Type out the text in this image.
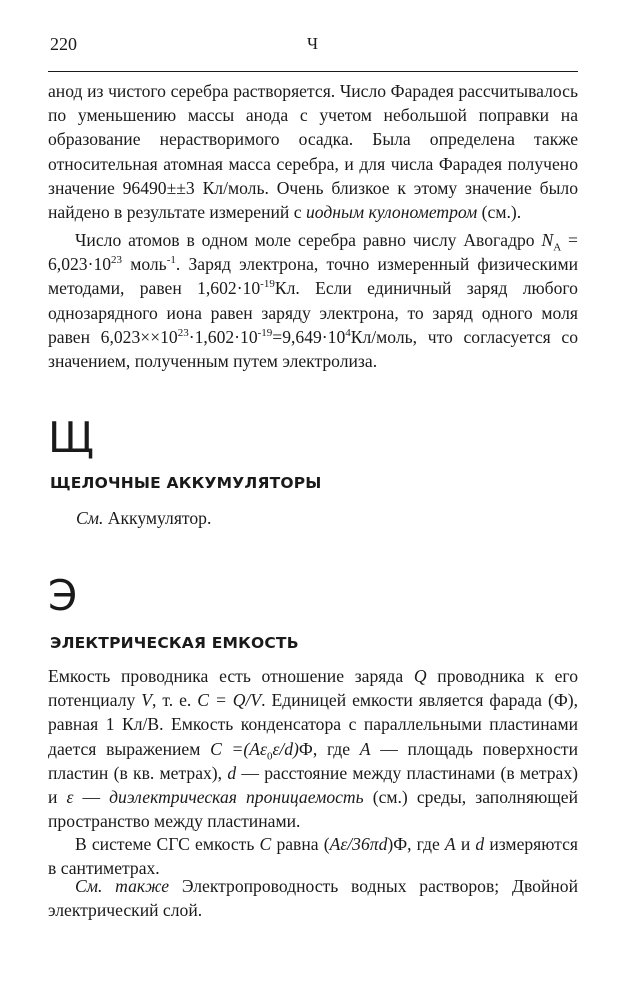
220	Ч

анод из чистого серебра растворяется. Число Фарадея рассчитывалось по уменьшению массы анода с учетом небольшой поправки на образование нерастворимого осадка. Была определена также относительная атомная масса серебра, и для числа Фарадея получено значение 96490±±3 Кл/моль. Очень близкое к этому значение было найдено в результате измерений с иодным кулонометром (см.).

Число атомов в одном моле серебра равно числу Авогадро $N_A = 6,023\cdot 10^{23}$ моль$^{-1}$. Заряд электрона, точно измеренный физическими методами, равен $1,602\cdot 10^{-19}Кл$. Если единичный заряд любого однозарядного иона равен заряду электрона, то заряд одного моля равен $6,023\times\times 10^{23}\cdot 1,602\cdot 10^{-19}=9,649\cdot 10^4Кл$/моль, что согласуется со значением, полученным путем электролиза.

Щ
ЩЕЛОЧНЫЕ АККУМУЛЯТОРЫ
См. Аккумулятор.
Э
ЭЛЕКТРИЧЕСКАЯ ЕМКОСТЬ

Емкость проводника есть отношение заряда Q проводника к его потенциалу V, т. е. C = Q/V. Единицей емкости является фарада (Ф), равная 1 Кл/В. Емкость конденсатора с параллельными пластинами дается выражением $C =(A\varepsilon_0\varepsilon/d)Ф$, где A — площадь поверхности пластин (в кв. метрах), d — расстояние между пластинами (в метрах) и ε — диэлектрическая проницаемость (см.) среды, заполняющей пространство между пластинами.

В системе СГС емкость C равна (Aε/36πd)Ф, где A и d измеряются в сантиметрах.

См. также Электропроводность водных растворов; Двойной электрический слой.
